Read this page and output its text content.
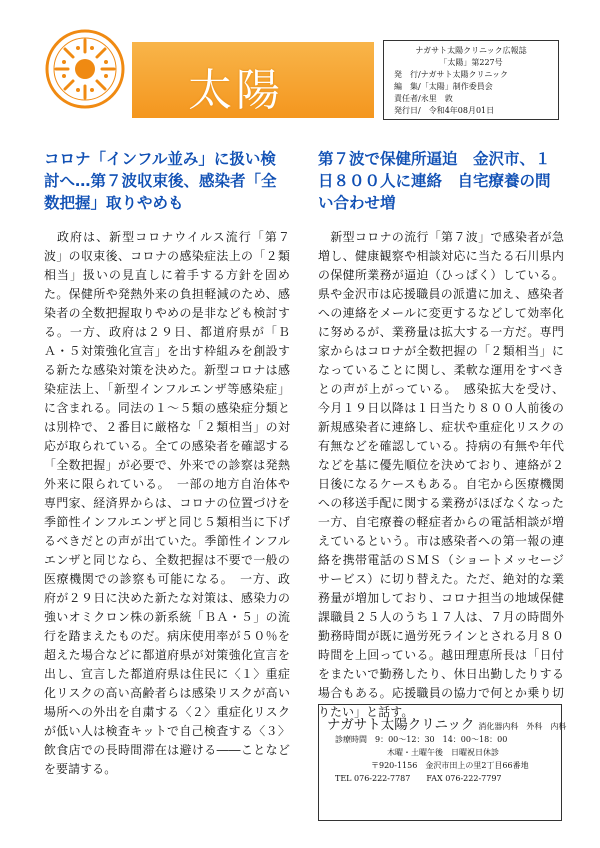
太陽
ナガサト太陽クリニック広報誌
「太陽」第227号
発　行/ナガサト太陽クリニック
編　集/「太陽」制作委員会
責任者/永里　敦
発行日/　令和4年08月01日
コロナ「インフル並み」に扱い検討へ…第７波収束後、感染者「全数把握」取りやめも
　政府は、新型コロナウイルス流行「第７波」の収束後、コロナの感染症法上の「２類相当」扱いの見直しに着手する方針を固めた。保健所や発熱外来の負担軽減のため、感染者の全数把握取りやめの是非なども検討する。一方、政府は２９日、都道府県が「ＢＡ・５対策強化宣言」を出す枠組みを創設する新たな感染対策を決めた。新型コロナは感染症法上、「新型インフルエンザ等感染症」に含まれる。同法の１～５類の感染症分類とは別枠で、２番目に厳格な「２類相当」の対応が取られている。全ての感染者を確認する「全数把握」が必要で、外来での診察は発熱外来に限られている。　一部の地方自治体や専門家、経済界からは、コロナの位置づけを季節性インフルエンザと同じ５類相当に下げるべきだとの声が出ていた。季節性インフルエンザと同じなら、全数把握は不要で一般の医療機関での診察も可能になる。　一方、政府が２９日に決めた新たな対策は、感染力の強いオミクロン株の新系統「ＢＡ・５」の流行を踏まえたものだ。病床使用率が５０％を超えた場合などに都道府県が対策強化宣言を出し、宣言した都道府県は住民に〈１〉重症化リスクの高い高齢者らは感染リスクが高い場所への外出を自粛する〈２〉重症化リスクが低い人は検査キットで自己検査する〈３〉飲食店での長時間滞在は避ける――ことなどを要請する。
第７波で保健所逼迫　金沢市、１日８００人に連絡　自宅療養の問い合わせ増
　新型コロナの流行「第７波」で感染者が急増し、健康観察や相談対応に当たる石川県内の保健所業務が逼迫（ひっぱく）している。県や金沢市は応援職員の派遣に加え、感染者への連絡をメールに変更するなどして効率化に努めるが、業務量は拡大する一方だ。専門家からはコロナが全数把握の「２類相当」になっていることに関し、柔軟な運用をすべきとの声が上がっている。　感染拡大を受け、今月１９日以降は１日当たり８００人前後の新規感染者に連絡し、症状や重症化リスクの有無などを確認している。持病の有無や年代などを基に優先順位を決めており、連絡が２日後になるケースもある。自宅から医療機関への移送手配に関する業務がほぼなくなった一方、自宅療養の軽症者からの電話相談が増えているという。市は感染者への第一報の連絡を携帯電話のＳＭＳ（ショートメッセージサービス）に切り替えた。ただ、絶対的な業務量が増加しており、コロナ担当の地域保健課職員２５人のうち１７人は、７月の時間外勤務時間が既に過労死ラインとされる月８０時間を上回っている。越田理恵所長は「日付をまたいで勤務したり、休日出勤したりする場合もある。応援職員の協力で何とか乗り切りたい」と話す。
ナガサト太陽クリニック 消化器内科　外科　内科
診療時間　9：00～12：30　14：00～18：00
木曜・土曜午後　日曜祝日休診
〒920-1156　金沢市田上の里2丁目66番地
TEL 076-222-7787　　FAX 076-222-7797
